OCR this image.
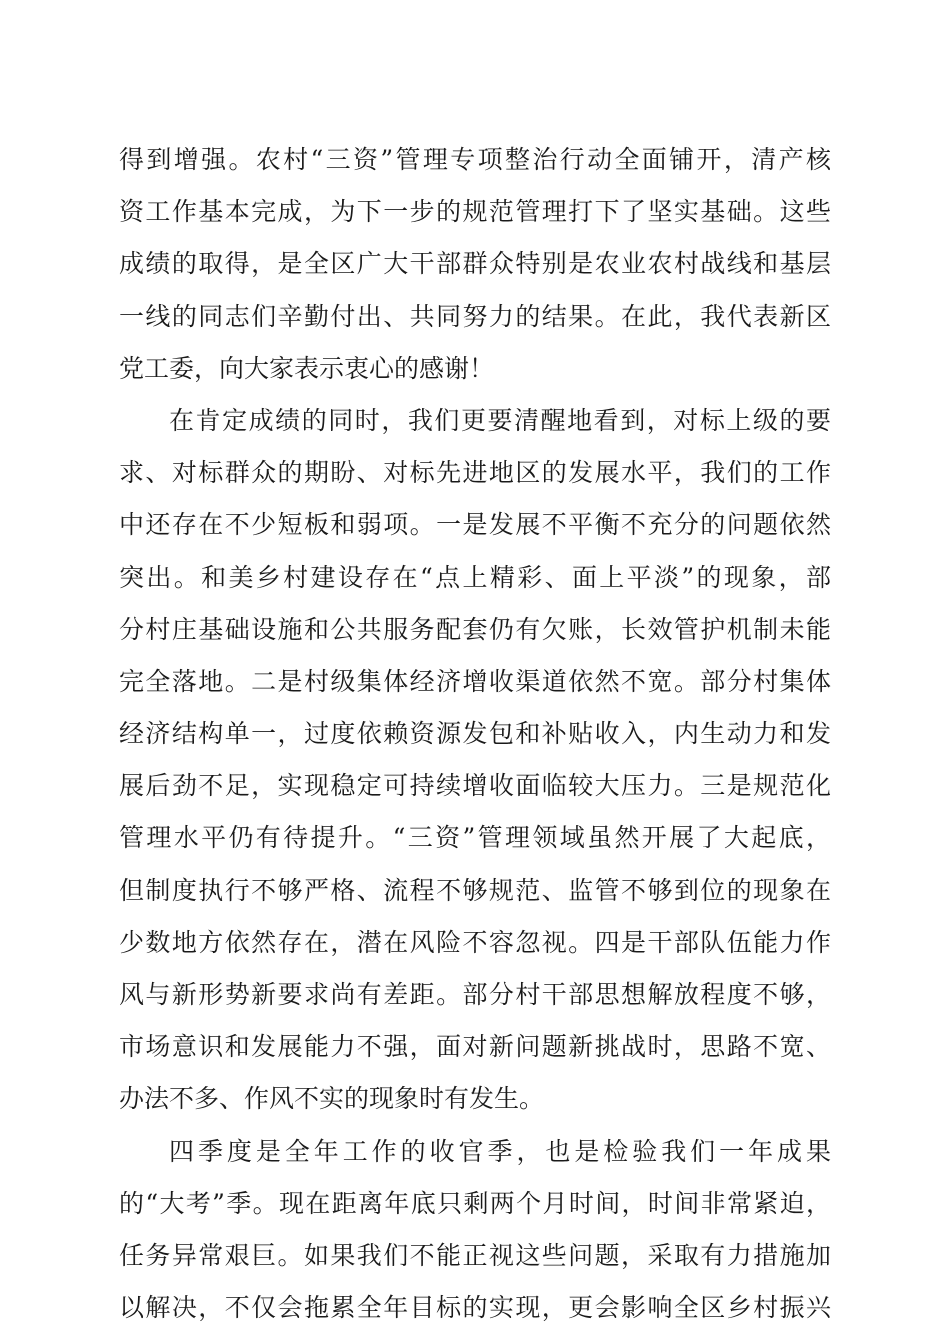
得到增强。农村“三资”管理专项整治行动全面铺开，清产核
资工作基本完成，为下一步的规范管理打下了坚实基础。这些
成绩的取得，是全区广大干部群众特别是农业农村战线和基层
一线的同志们辛勤付出、共同努力的结果。在此，我代表新区
党工委，向大家表示衷心的感谢！
在肯定成绩的同时，我们更要清醒地看到，对标上级的要
求、对标群众的期盼、对标先进地区的发展水平，我们的工作
中还存在不少短板和弱项。一是发展不平衡不充分的问题依然
突出。和美乡村建设存在“点上精彩、面上平淡”的现象，部
分村庄基础设施和公共服务配套仍有欠账，长效管护机制未能
完全落地。二是村级集体经济增收渠道依然不宽。部分村集体
经济结构单一，过度依赖资源发包和补贴收入，内生动力和发
展后劲不足，实现稳定可持续增收面临较大压力。三是规范化
管理水平仍有待提升。“三资”管理领域虽然开展了大起底，
但制度执行不够严格、流程不够规范、监管不够到位的现象在
少数地方依然存在，潜在风险不容忽视。四是干部队伍能力作
风与新形势新要求尚有差距。部分村干部思想解放程度不够，
市场意识和发展能力不强，面对新问题新挑战时，思路不宽、
办法不多、作风不实的现象时有发生。
四季度是全年工作的收官季，也是检验我们一年成果
的“大考”季。现在距离年底只剩两个月时间，时间非常紧迫，
任务异常艰巨。如果我们不能正视这些问题，采取有力措施加
以解决，不仅会拖累全年目标的实现，更会影响全区乡村振兴
